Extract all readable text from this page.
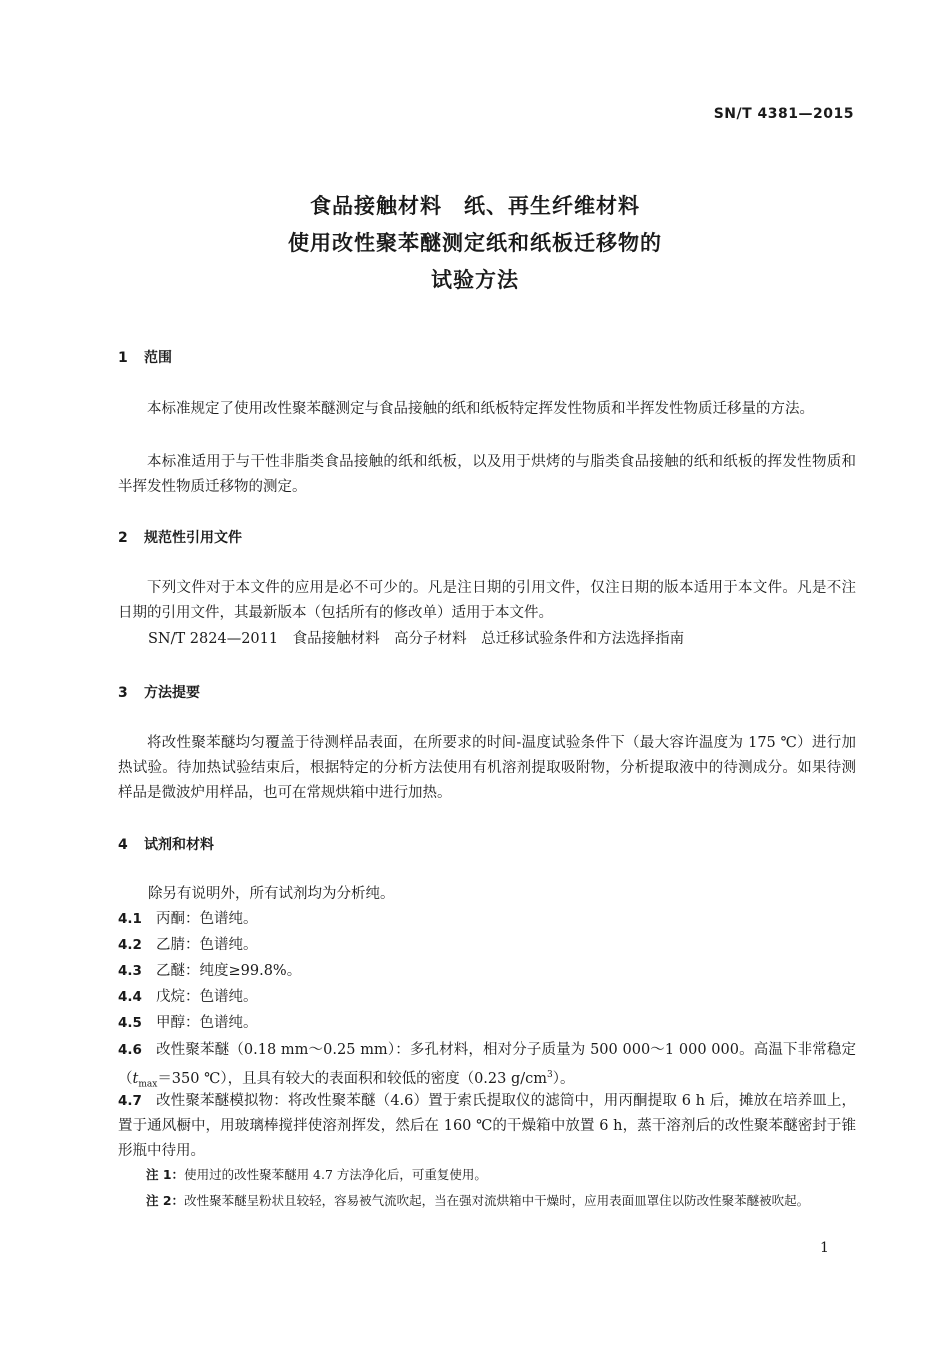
SN/T 4381—2015
食品接触材料　纸、再生纤维材料
使用改性聚苯醚测定纸和纸板迁移物的
试验方法
1 范围
本标准规定了使用改性聚苯醚测定与食品接触的纸和纸板特定挥发性物质和半挥发性物质迁移量的方法。
本标准适用于与干性非脂类食品接触的纸和纸板，以及用于烘烤的与脂类食品接触的纸和纸板的挥发性物质和半挥发性物质迁移物的测定。
2 规范性引用文件
下列文件对于本文件的应用是必不可少的。凡是注日期的引用文件，仅注日期的版本适用于本文件。凡是不注日期的引用文件，其最新版本（包括所有的修改单）适用于本文件。
SN/T 2824—2011　食品接触材料　高分子材料　总迁移试验条件和方法选择指南
3 方法提要
将改性聚苯醚均匀覆盖于待测样品表面，在所要求的时间-温度试验条件下（最大容许温度为 175 ℃）进行加热试验。待加热试验结束后，根据特定的分析方法使用有机溶剂提取吸附物，分析提取液中的待测成分。如果待测样品是微波炉用样品，也可在常规烘箱中进行加热。
4 试剂和材料
除另有说明外，所有试剂均为分析纯。
4.1 丙酮：色谱纯。
4.2 乙腈：色谱纯。
4.3 乙醚：纯度≥99.8%。
4.4 戊烷：色谱纯。
4.5 甲醇：色谱纯。
4.6 改性聚苯醚（0.18 mm～0.25 mm）：多孔材料，相对分子质量为 500 000～1 000 000。高温下非常稳定（$t_{max}=350$ ℃），且具有较大的表面积和较低的密度（0.23 $g/cm^3$）。
4.7 改性聚苯醚模拟物：将改性聚苯醚（4.6）置于索氏提取仪的滤筒中，用丙酮提取 6 h 后，摊放在培养皿上，置于通风橱中，用玻璃棒搅拌使溶剂挥发，然后在 160 ℃的干燥箱中放置 6 h，蒸干溶剂后的改性聚苯醚密封于锥形瓶中待用。
注 1：使用过的改性聚苯醚用 4.7 方法净化后，可重复使用。
注 2：改性聚苯醚呈粉状且较轻，容易被气流吹起，当在强对流烘箱中干燥时，应用表面皿罩住以防改性聚苯醚被吹起。
1
